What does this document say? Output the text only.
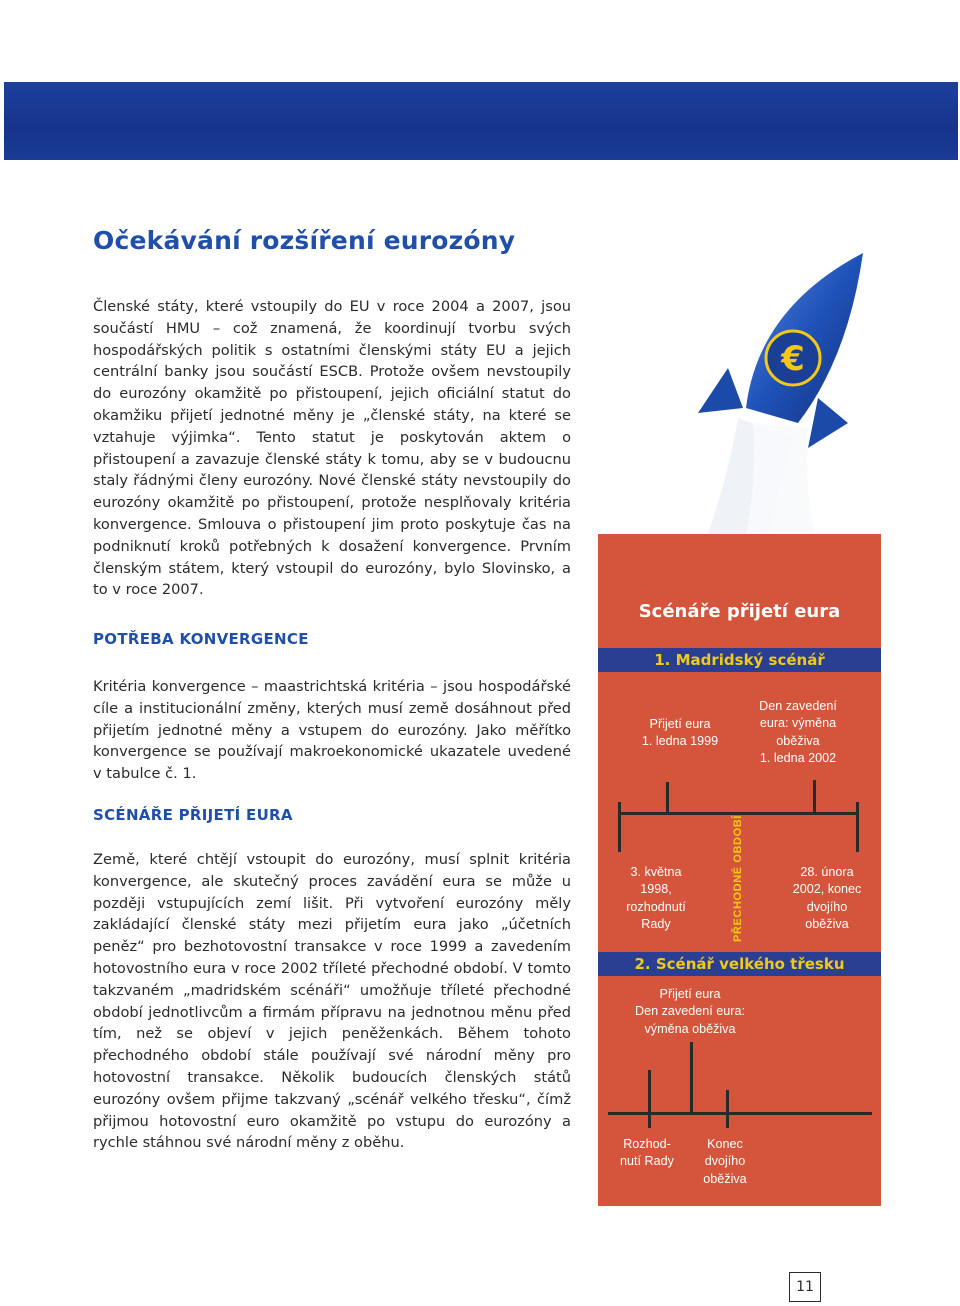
Očekávání rozšíření eurozóny

Členské státy, které vstoupily do EU v roce 2004 a 2007, jsou součástí HMU – což znamená, že koordinují tvorbu svých hospodářských politik s ostatními členskými státy EU a jejich centrální banky jsou součástí ESCB. Protože ovšem nevstoupily do eurozóny okamžitě po přistoupení, jejich oficiální statut do okamžiku přijetí jednotné měny je „členské státy, na které se vztahuje výjimka“. Tento statut je poskytován aktem o přistoupení a zavazuje členské státy k tomu, aby se v budoucnu staly řádnými členy eurozóny. Nové členské státy nevstoupily do eurozóny okamžitě po přistoupení, protože nesplňovaly kritéria konvergence. Smlouva o přistoupení jim proto poskytuje čas na podniknutí kroků potřebných k dosažení konvergence. Prvním členským státem, který vstoupil do eurozóny, bylo Slovinsko, a to v roce 2007.

POTŘEBA KONVERGENCE

Kritéria konvergence – maastrichtská kritéria – jsou hospodářské cíle a institucionální změny, kterých musí země dosáhnout před přijetím jednotné měny a vstupem do eurozóny. Jako měřítko konvergence se používají makroekonomické ukazatele uvedené v tabulce č. 1.

SCÉNÁŘE PŘIJETÍ EURA

Země, které chtějí vstoupit do eurozóny, musí splnit kritéria konvergence, ale skutečný proces zavádění eura se může u později vstupujících zemí lišit. Při vytvoření eurozóny měly zakládající členské státy mezi přijetím eura jako „účetních peněz“ pro bezhotovostní transakce v roce 1999 a zavedením hotovostního eura v roce 2002 tříleté přechodné období. V tomto takzvaném „madridském scénáři“ umožňuje tříleté přechodné období jednotlivcům a firmám přípravu na jednotnou měnu před tím, než se objeví v jejich peněženkách. Během tohoto přechodného období stále používají své národní měny pro hotovostní transakce. Několik budoucích členských států eurozóny ovšem přijme takzvaný „scénář velkého třesku“, čímž přijmou hotovostní euro okamžitě po vstupu do eurozóny a rychle stáhnou své národní měny z oběhu.

€
Scénáře přijetí eura
1. Madridský scénář

Přijetí eura
1. ledna 1999

PŘECHODNÉ OBDOBÍ

Den zavedení
eura: výměna
oběživa
1. ledna 2002

3. května
1998,
rozhodnutí
Rady

28. února
2002, konec
dvojího
oběživa

2. Scénář velkého třesku

Přijetí eura
Den zavedení eura:
výměna oběživa

Rozhod-
nutí Rady

Konec
dvojího
oběživa

11
